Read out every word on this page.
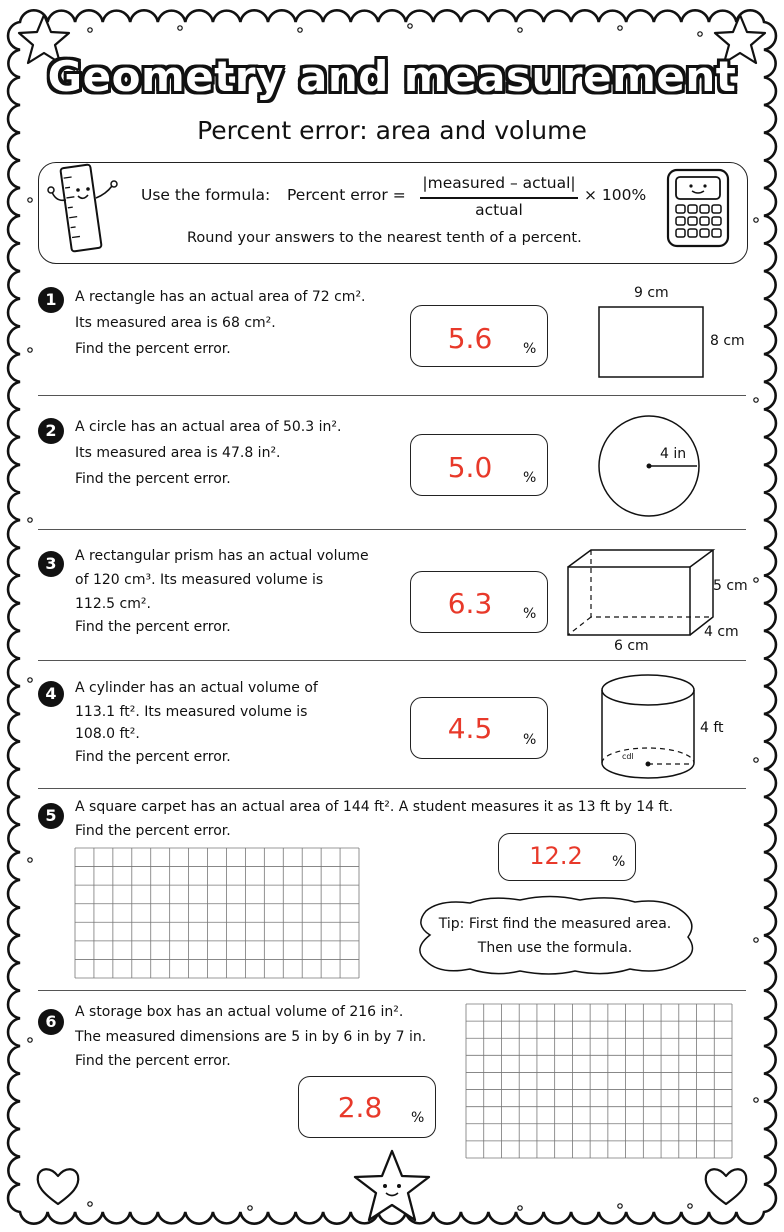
Geometry and measurement
Percent error: area and volume
Use the formula: Percent error =
|measured – actual|
actual
× 100%
Round your answers to the nearest tenth of a percent.
1	A rectangle has an actual area of 72 cm².
Its measured area is 68 cm².
Find the percent error.	5.6	%
9 cm
8 cm
2	A circle has an actual area of 50.3 in².
Its measured area is 47.8 in².
Find the percent error.	5.0	%
4 in
3	A rectangular prism has an actual volume
of 120 cm³. Its measured volume is
112.5 cm².
Find the percent error.
6.3	%
5 cm
4 cm
6 cm
4	A cylinder has an actual volume of
113.1 ft². Its measured volume is
108.0 ft².
Find the percent error.
4.5	%
4 ft
cdl
5	A square carpet has an actual area of 144 ft². A student measures it as 13 ft by 14 ft.
Find the percent error.
12.2	%
Tip: First find the measured area.
Then use the formula.
6	A storage box has an actual volume of 216 in².
The measured dimensions are 5 in by 6 in by 7 in.
Find the percent error.
2.8	%
